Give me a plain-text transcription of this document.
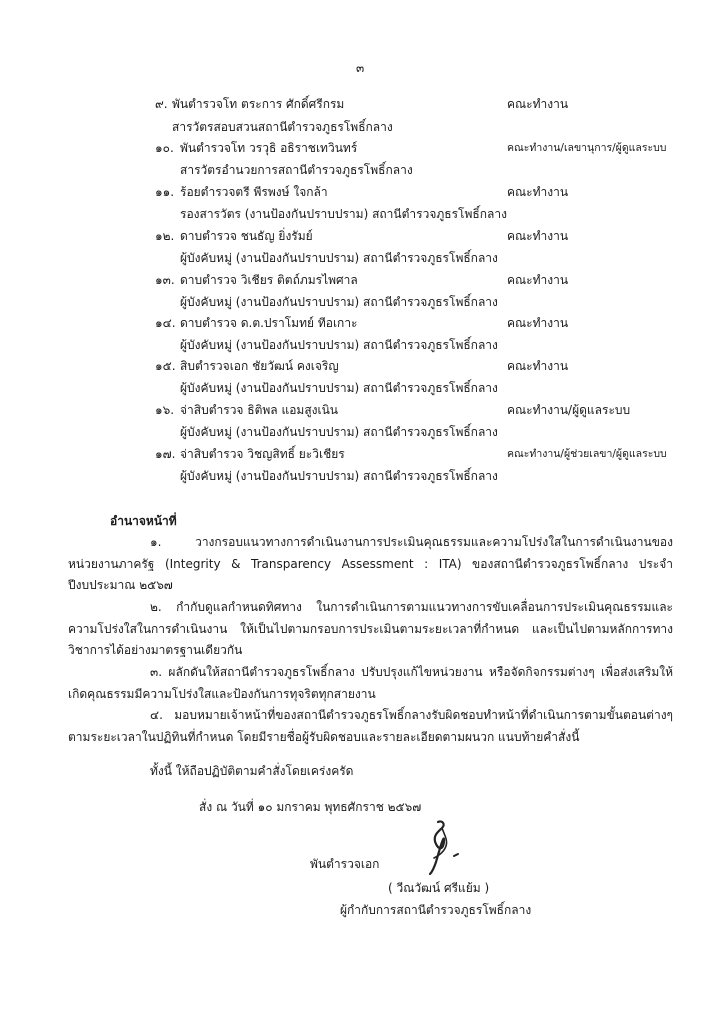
๓
๙. พันตำรวจโท ตระการ ศักดิ์ศรีกรม	คณะทำงาน
สารวัตรสอบสวนสถานีตำรวจภูธรโพธิ์กลาง
๑๐. พันตำรวจโท วรวุธิ อธิราชเทวินทร์	คณะทำงาน/เลขานุการ/ผู้ดูแลระบบ
สารวัตรอำนวยการสถานีตำรวจภูธรโพธิ์กลาง
๑๑. ร้อยตำรวจตรี พีรพงษ์ ใจกล้า	คณะทำงาน
รองสารวัตร (งานป้องกันปราบปราม) สถานีตำรวจภูธรโพธิ์กลาง
๑๒. ดาบตำรวจ ชนธัญ ยิ่งรัมย์	คณะทำงาน
ผู้บังคับหมู่ (งานป้องกันปราบปราม) สถานีตำรวจภูธรโพธิ์กลาง
๑๓. ดาบตำรวจ วิเชียร ติตถ์ภมรไพศาล	คณะทำงาน
ผู้บังคับหมู่ (งานป้องกันปราบปราม) สถานีตำรวจภูธรโพธิ์กลาง
๑๔. ดาบตำรวจ ด.ต.ปราโมทย์ ทีอเกาะ	คณะทำงาน
ผู้บังคับหมู่ (งานป้องกันปราบปราม) สถานีตำรวจภูธรโพธิ์กลาง
๑๕. สิบตำรวจเอก ชัยวัฒน์ คงเจริญ	คณะทำงาน
ผู้บังคับหมู่ (งานป้องกันปราบปราม) สถานีตำรวจภูธรโพธิ์กลาง
๑๖. จ่าสิบตำรวจ ธิติพล แอมสูงเนิน	คณะทำงาน/ผู้ดูแลระบบ
ผู้บังคับหมู่ (งานป้องกันปราบปราม) สถานีตำรวจภูธรโพธิ์กลาง
๑๗. จ่าสิบตำรวจ วิชญสิทธิ์ ยะวิเชียร	คณะทำงาน/ผู้ช่วยเลขา/ผู้ดูแลระบบ
ผู้บังคับหมู่ (งานป้องกันปราบปราม) สถานีตำรวจภูธรโพธิ์กลาง
อำนาจหน้าที่
๑. วางกรอบแนวทางการดำเนินงานการประเมินคุณธรรมและความโปร่งใสในการดำเนินงานของหน่วยงานภาครัฐ (Integrity & Transparency Assessment : ITA) ของสถานีตำรวจภูธรโพธิ์กลาง ประจำปีงบประมาณ ๒๕๖๗
๒. กำกับดูแลกำหนดทิศทาง ในการดำเนินการตามแนวทางการขับเคลื่อนการประเมินคุณธรรมและความโปร่งใสในการดำเนินงาน ให้เป็นไปตามกรอบการประเมินตามระยะเวลาที่กำหนด และเป็นไปตามหลักการทางวิชาการได้อย่างมาตรฐานเดียวกัน
๓. ผลักดันให้สถานีตำรวจภูธรโพธิ์กลาง ปรับปรุงแก้ไขหน่วยงาน หรือจัดกิจกรรมต่างๆ เพื่อส่งเสริมให้เกิดคุณธรรมมีความโปร่งใสและป้องกันการทุจริตทุกสายงาน
๔. มอบหมายเจ้าหน้าที่ของสถานีตำรวจภูธรโพธิ์กลางรับผิดชอบทำหน้าที่ดำเนินการตามขั้นตอนต่างๆ ตามระยะเวลาในปฏิทินที่กำหนด โดยมีรายชื่อผู้รับผิดชอบและรายละเอียดตามผนวก แนบท้ายคำสั่งนี้
ทั้งนี้ ให้ถือปฏิบัติตามคำสั่งโดยเคร่งครัด
สั่ง ณ วันที่ ๑๐ มกราคม พุทธศักราช ๒๕๖๗
พันตำรวจเอก
( วีณวัฒน์ ศรีแย้ม )
ผู้กำกับการสถานีตำรวจภูธรโพธิ์กลาง
